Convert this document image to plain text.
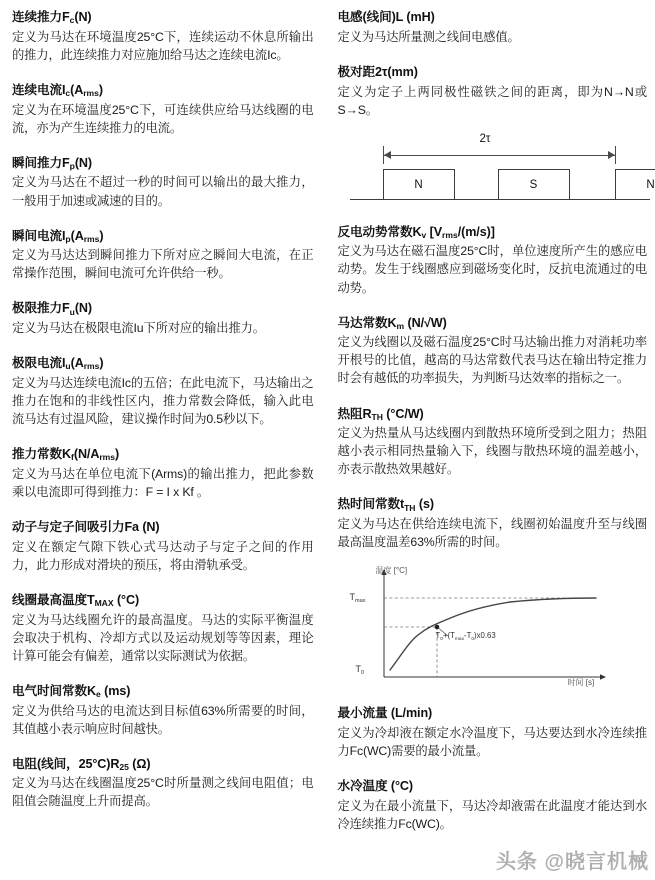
连续推力$F_c(N)$

定义为马达在环境温度25°C下，连续运动不休息所输出的推力，此连续推力对应施加给马达之连续电流Ic。

连续电流$I_c(A_{rms})$

定义为在环境温度25°C下，可连续供应给马达线圈的电流，亦为产生连续推力的电流。

瞬间推力$F_p(N)$

定义为马达在不超过一秒的时间可以输出的最大推力，一般用于加速或减速的目的。

瞬间电流$I_p(A_{rms})$

定义为马达达到瞬间推力下所对应之瞬间大电流，在正常操作范围，瞬间电流可允许供给一秒。

极限推力$F_u(N)$

定义为马达在极限电流Iu下所对应的输出推力。

极限电流$I_u(A_{rms})$

定义为马达连续电流Ic的五倍；在此电流下，马达输出之推力在饱和的非线性区内，推力常数会降低，输入此电流马达有过温风险，建议操作时间为0.5秒以下。

推力常数$K_f(N/A_{rms})$

定义为马达在单位电流下(Arms)的输出推力，把此参数乘以电流即可得到推力：F = I x Kf 。

动子与定子间吸引力Fa (N)

定义在额定气隙下铁心式马达动子与定子之间的作用力，此力形成对滑块的预压，将由滑轨承受。

线圈最高温度$T_{MAX}$ (°C)

定义为马达线圈允许的最高温度。马达的实际平衡温度会取决于机构、冷却方式以及运动规划等等因素，理论计算可能会有偏差，通常以实际测试为依据。

电气时间常数$K_e$ (ms)

定义为供给马达的电流达到目标值63%所需要的时间，其值越小表示响应时间越快。

电阻(线间，$25^\circ C)R_{25}$ (Ω)

定义为马达在线圈温度25°C时所量测之线间电阻值；电阻值会随温度上升而提高。

电感(线间)L (mH)

定义为马达所量测之线间电感值。

极对距2τ(mm)

定义为定子上两同极性磁铁之间的距离，即为N→N或S→S。

2τ
N	S	N
反电动势常数$K_v$ $[V_{rms}/(m/s)]$

定义为马达在磁石温度25°C时，单位速度所产生的感应电动势。发生于线圈感应到磁场变化时，反抗电流通过的电动势。

马达常数$K_m$ (N/√W)

定义为线圈以及磁石温度25°C时马达输出推力对消耗功率开根号的比值，越高的马达常数代表马达在输出特定推力时会有越低的功率损失，为判断马达效率的指标之一。

热阻$R_{TH}$ (°C/W)

定义为热量从马达线圈内到散热环境所受到之阻力；热阻越小表示相同热量输入下，线圈与散热环境的温差越小，亦表示散热效果越好。

热时间常数$t_{TH}$ (s)

定义为马达在供给连续电流下，线圈初始温度升至与线圈最高温度温差63%所需的时间。

温度 [°C]
时间 [s]
$T_{max}$
$T_0$
$T_0+(T_{max}-T_0)x0.63$
最小流量 (L/min)

定义为冷却液在额定水冷温度下，马达要达到水冷连续推力Fc(WC)需要的最小流量。

水冷温度 (°C)

定义为在最小流量下，马达冷却液需在此温度才能达到水冷连续推力Fc(WC)。

头条 @晓言机械
